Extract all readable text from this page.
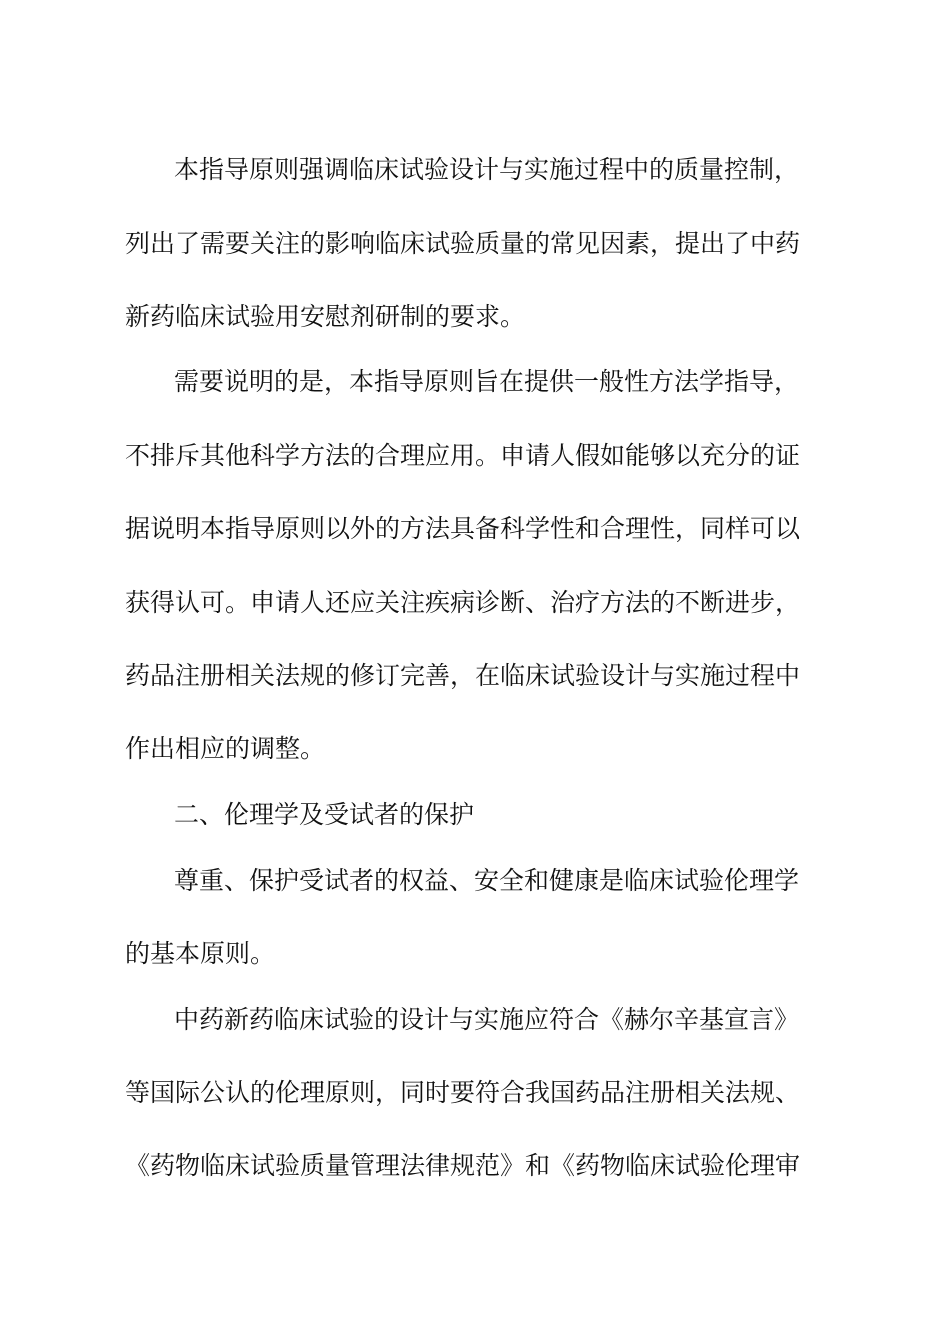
本指导原则强调临床试验设计与实施过程中的质量控制，
列出了需要关注的影响临床试验质量的常见因素，提出了中药
新药临床试验用安慰剂研制的要求。
需要说明的是，本指导原则旨在提供一般性方法学指导，
不排斥其他科学方法的合理应用。申请人假如能够以充分的证
据说明本指导原则以外的方法具备科学性和合理性，同样可以
获得认可。申请人还应关注疾病诊断、治疗方法的不断进步，
药品注册相关法规的修订完善，在临床试验设计与实施过程中
作出相应的调整。
二、伦理学及受试者的保护
尊重、保护受试者的权益、安全和健康是临床试验伦理学
的基本原则。
中药新药临床试验的设计与实施应符合《赫尔辛基宣言》
等国际公认的伦理原则，同时要符合我国药品注册相关法规、
《药物临床试验质量管理法律规范》和《药物临床试验伦理审
